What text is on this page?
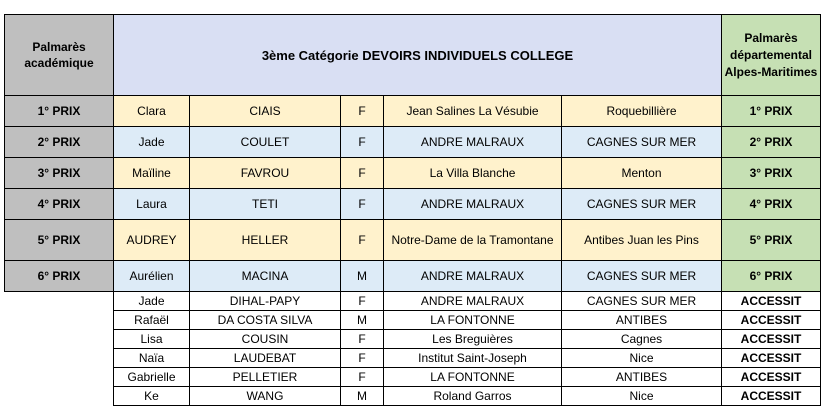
Palmarès académique	3ème Catégorie DEVOIRS INDIVIDUELS COLLEGE					Palmarès départemental Alpes-Maritimes
1° PRIX	Clara	CIAIS	F	Jean Salines La Vésubie	Roquebillière	1° PRIX
2° PRIX	Jade	COULET	F	ANDRE MALRAUX	CAGNES SUR MER	2° PRIX
3° PRIX	Maïline	FAVROU	F	La Villa Blanche	Menton	3° PRIX
4° PRIX	Laura	TETI	F	ANDRE MALRAUX	CAGNES SUR MER	4° PRIX
5° PRIX	AUDREY	HELLER	F	Notre-Dame de la Tramontane	Antibes Juan les Pins	5° PRIX
6° PRIX	Aurélien	MACINA	M	ANDRE MALRAUX	CAGNES SUR MER	6° PRIX
	Jade	DIHAL-PAPY	F	ANDRE MALRAUX	CAGNES SUR MER	ACCESSIT
	Rafaël	DA COSTA SILVA	M	LA FONTONNE	ANTIBES	ACCESSIT
	Lisa	COUSIN	F	Les Breguières	Cagnes	ACCESSIT
	Naïa	LAUDEBAT	F	Institut Saint-Joseph	Nice	ACCESSIT
	Gabrielle	PELLETIER	F	LA FONTONNE	ANTIBES	ACCESSIT
	Ke	WANG	M	Roland Garros	Nice	ACCESSIT
